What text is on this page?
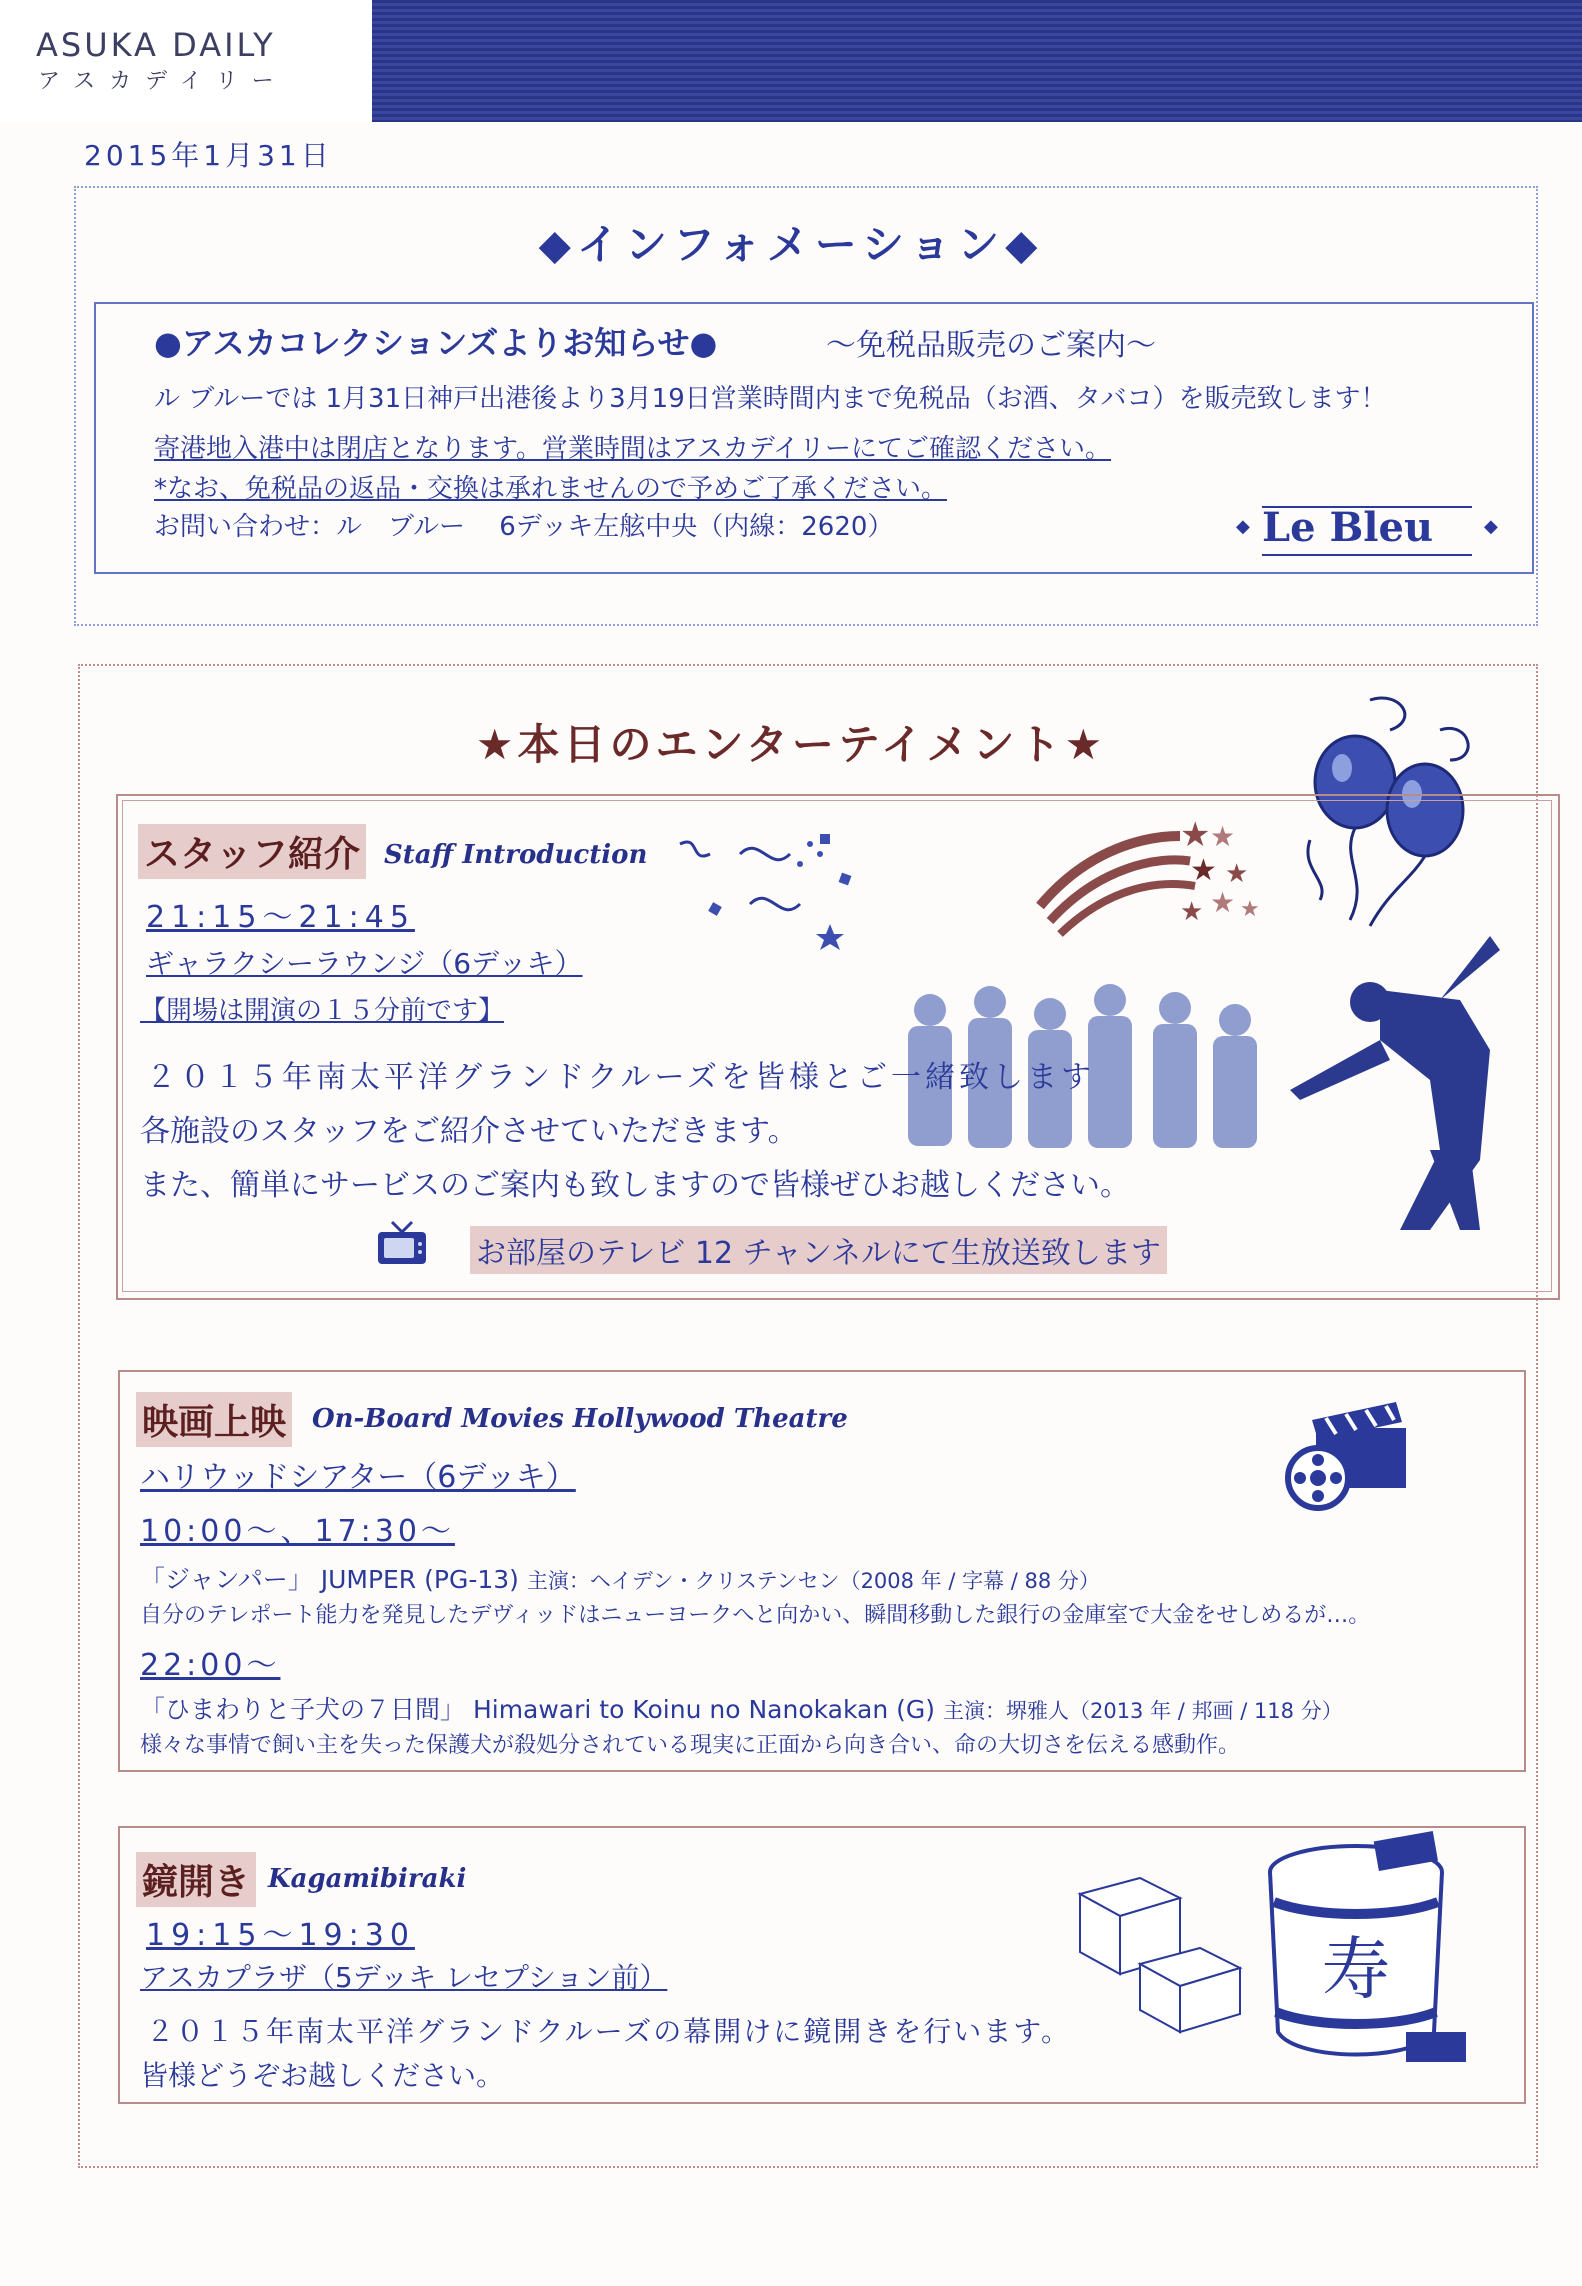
ASUKA DAILY
アスカデイリー
2015年1月31日
◆インフォメーション◆
●アスカコレクションズよりお知らせ●	～免税品販売のご案内～
ル ブルーでは 1月31日神戸出港後より3月19日営業時間内まで免税品（お酒、タバコ）を販売致します！
寄港地入港中は閉店となります。営業時間はアスカデイリーにてご確認ください。
*なお、免税品の返品・交換は承れませんので予めご了承ください。
お問い合わせ：ル　ブルー　 6デッキ左舷中央（内線：2620）	◆ Le Bleu	◆
★本日のエンターテイメント★
スタッフ紹介 Staff Introduction
21:15～21:45
ギャラクシーラウンジ（6デッキ）
【開場は開演の１５分前です】
★ ★
★ ★
★
★ ★
２０１５年南太平洋グランドクルーズを皆様とご一緒致します
各施設のスタッフをご紹介させていただきます。
また、簡単にサービスのご案内も致しますので皆様ぜひお越しください。
お部屋のテレビ 12 チャンネルにて生放送致します
映画上映 On-Board Movies Hollywood Theatre
ハリウッドシアター（6デッキ）
10:00～、17:30～
「ジャンパー」 JUMPER (PG-13) 主演：ヘイデン・クリステンセン（2008 年 / 字幕 / 88 分）
自分のテレポート能力を発見したデヴィッドはニューヨークへと向かい、瞬間移動した銀行の金庫室で大金をせしめるが…。
22:00～
「ひまわりと子犬の７日間」 Himawari to Koinu no Nanokakan (G) 主演：堺雅人（2013 年 / 邦画 / 118 分）
様々な事情で飼い主を失った保護犬が殺処分されている現実に正面から向き合い、命の大切さを伝える感動作。
鏡開き Kagamibiraki
19:15～19:30
アスカプラザ（5デッキ レセプション前）
２０１５年南太平洋グランドクルーズの幕開けに鏡開きを行います。
皆様どうぞお越しください。
寿
